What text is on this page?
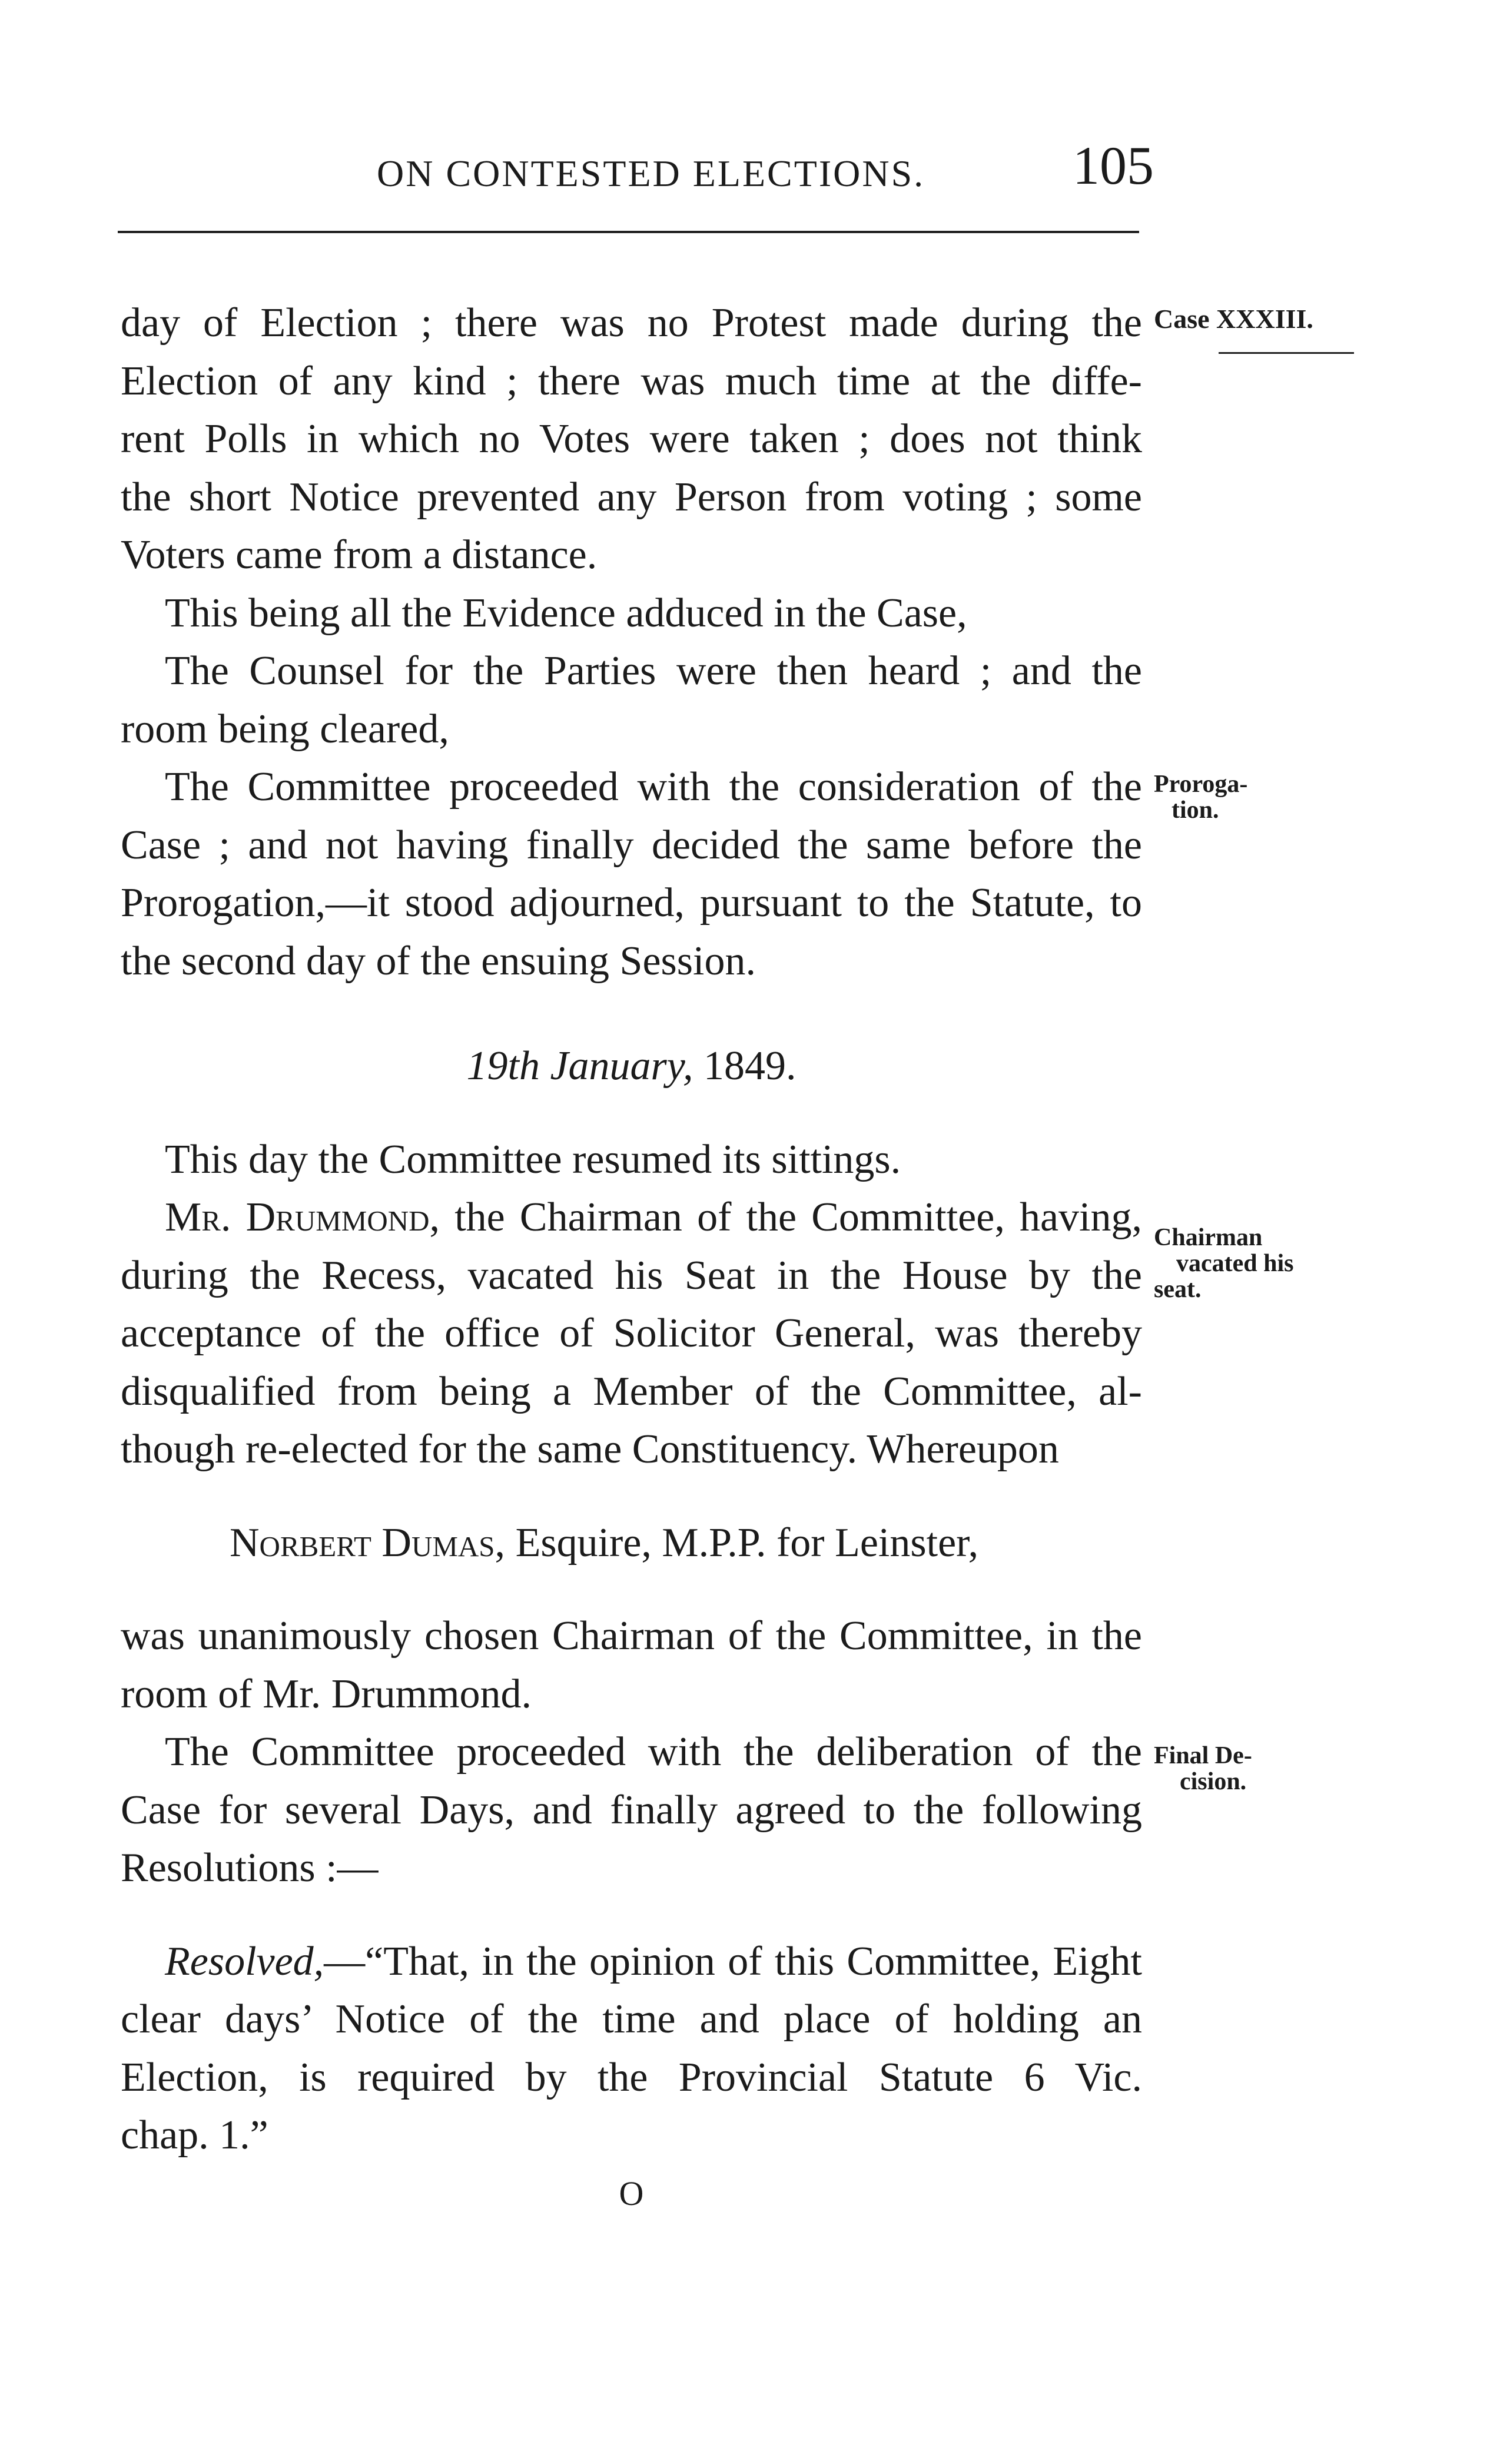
ON CONTESTED ELECTIONS.	105
Case XXXIII.
Proroga-
tion.
Chairman
vacated his
seat.
Final De-
cision.
day of Election ; there was no Protest made during the
Election of any kind ; there was much time at the diffe-
rent Polls in which no Votes were taken ; does not think
the short Notice prevented any Person from voting ; some
Voters came from a distance.
This being all the Evidence adduced in the Case,
The Counsel for the Parties were then heard ; and the
room being cleared,
The Committee proceeded with the consideration of the
Case ; and not having finally decided the same before the
Prorogation,—it stood adjourned, pursuant to the Statute, to
the second day of the ensuing Session.
19th January, 1849.
This day the Committee resumed its sittings.
Mr. Drummond, the Chairman of the Committee, having,
during the Recess, vacated his Seat in the House by the
acceptance of the office of Solicitor General, was thereby
disqualified from being a Member of the Committee, al-
though re-elected for the same Constituency. Whereupon
Norbert Dumas, Esquire, M.P.P. for Leinster,
was unanimously chosen Chairman of the Committee, in the
room of Mr. Drummond.
The Committee proceeded with the deliberation of the
Case for several Days, and finally agreed to the following
Resolutions :—
Resolved,—“That, in the opinion of this Committee, Eight
clear days’ Notice of the time and place of holding an
Election, is required by the Provincial Statute 6 Vic.
chap. 1.”
O
